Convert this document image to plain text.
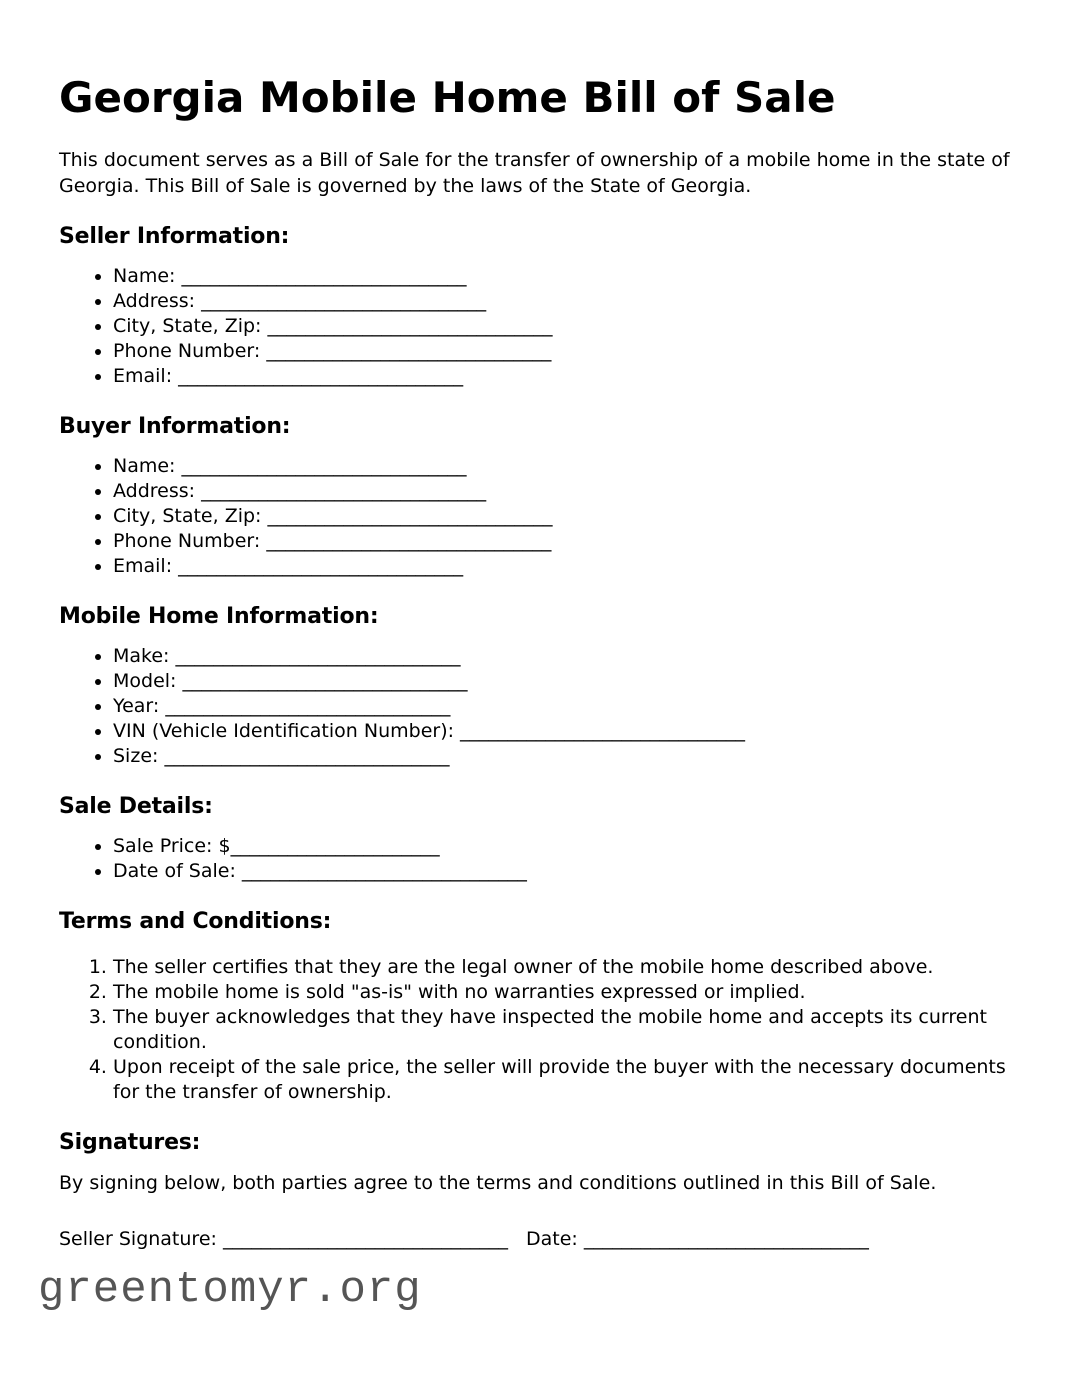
Georgia Mobile Home Bill of Sale

This document serves as a Bill of Sale for the transfer of ownership of a mobile home in the state of Georgia. This Bill of Sale is governed by the laws of the State of Georgia.

Seller Information:
• Name: ______________________________
• Address: ______________________________
• City, State, Zip: ______________________________
• Phone Number: ______________________________
• Email: ______________________________
Buyer Information:
• Name: ______________________________
• Address: ______________________________
• City, State, Zip: ______________________________
• Phone Number: ______________________________
• Email: ______________________________
Mobile Home Information:
• Make: ______________________________
• Model: ______________________________
• Year: ______________________________
• VIN (Vehicle Identification Number): ______________________________
• Size: ______________________________
Sale Details:
• Sale Price: $______________________
• Date of Sale: ______________________________
Terms and Conditions:
1. The seller certifies that they are the legal owner of the mobile home described above.
2. The mobile home is sold "as-is" with no warranties expressed or implied.
3. The buyer acknowledges that they have inspected the mobile home and accepts its current condition.
4. Upon receipt of the sale price, the seller will provide the buyer with the necessary documents for the transfer of ownership.
Signatures:

By signing below, both parties agree to the terms and conditions outlined in this Bill of Sale.

Seller Signature: ______________________________ Date: ______________________________

greentomyr.org
